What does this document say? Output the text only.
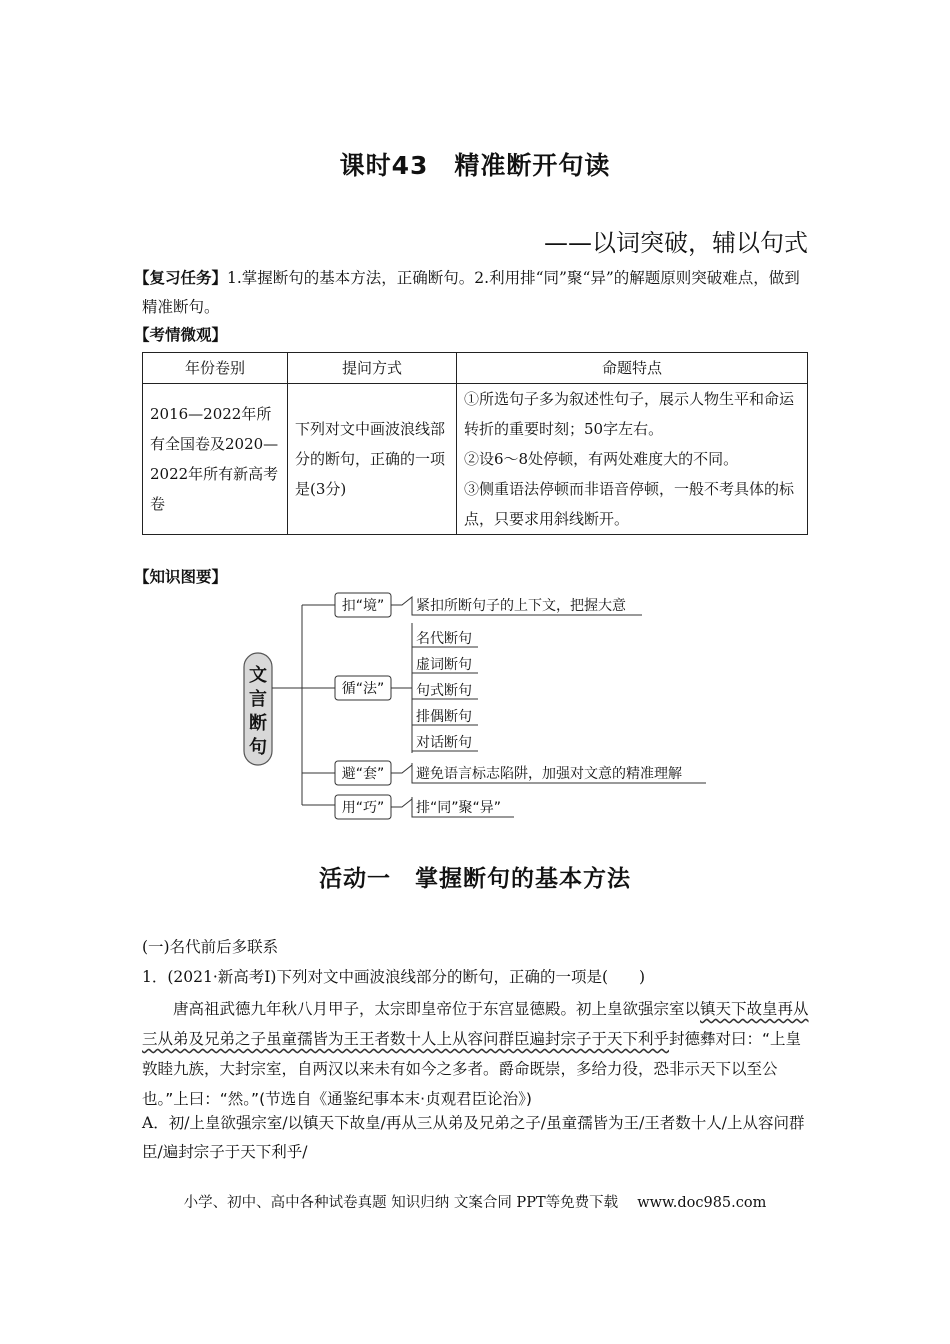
课时43　精准断开句读
——以词突破，辅以句式
【复习任务】1.掌握断句的基本方法，正确断句。2.利用排“同”聚“异”的解题原则突破难点，做到精准断句。
【考情微观】
年份卷别	提问方式	命题特点
2016—2022年所有全国卷及2020—2022年所有新高考卷	下列对文中画波浪线部分的断句，正确的一项是(3分)	①所选句子多为叙述性句子，展示人物生平和命运转折的重要时刻；50字左右。
②设6～8处停顿，有两处难度大的不同。
③侧重语法停顿而非语音停顿，一般不考具体的标点，只要求用斜线断开。
【知识图要】
文
言
断
句
扣“境” 紧扣所断句子的上下文，把握大意
循“法”
名代断句
虚词断句
句式断句
排偶断句
对话断句
避“套” 避免语言标志陷阱，加强对文意的精准理解
用“巧” 排“同”聚“异”
活动一　掌握断句的基本方法
(一)名代前后多联系
1．(2021·新高考Ⅰ)下列对文中画波浪线部分的断句，正确的一项是(　　)
唐高祖武德九年秋八月甲子，太宗即皇帝位于东宫显德殿。初上皇欲强宗室以镇天下故皇再从三从弟及兄弟之子虽童孺皆为王王者数十人上从容问群臣遍封宗子于天下利乎封德彝对曰：“上皇敦睦九族，大封宗室，自两汉以来未有如今之多者。爵命既崇，多给力役，恐非示天下以至公也。”上曰：“然。”(节选自《通鉴纪事本末·贞观君臣论治》)
A．初/上皇欲强宗室/以镇天下故皇/再从三从弟及兄弟之子/虽童孺皆为王/王者数十人/上从容问群臣/遍封宗子于天下利乎/
小学、初中、高中各种试卷真题 知识归纳 文案合同 PPT等免费下载　 www.doc985.com
